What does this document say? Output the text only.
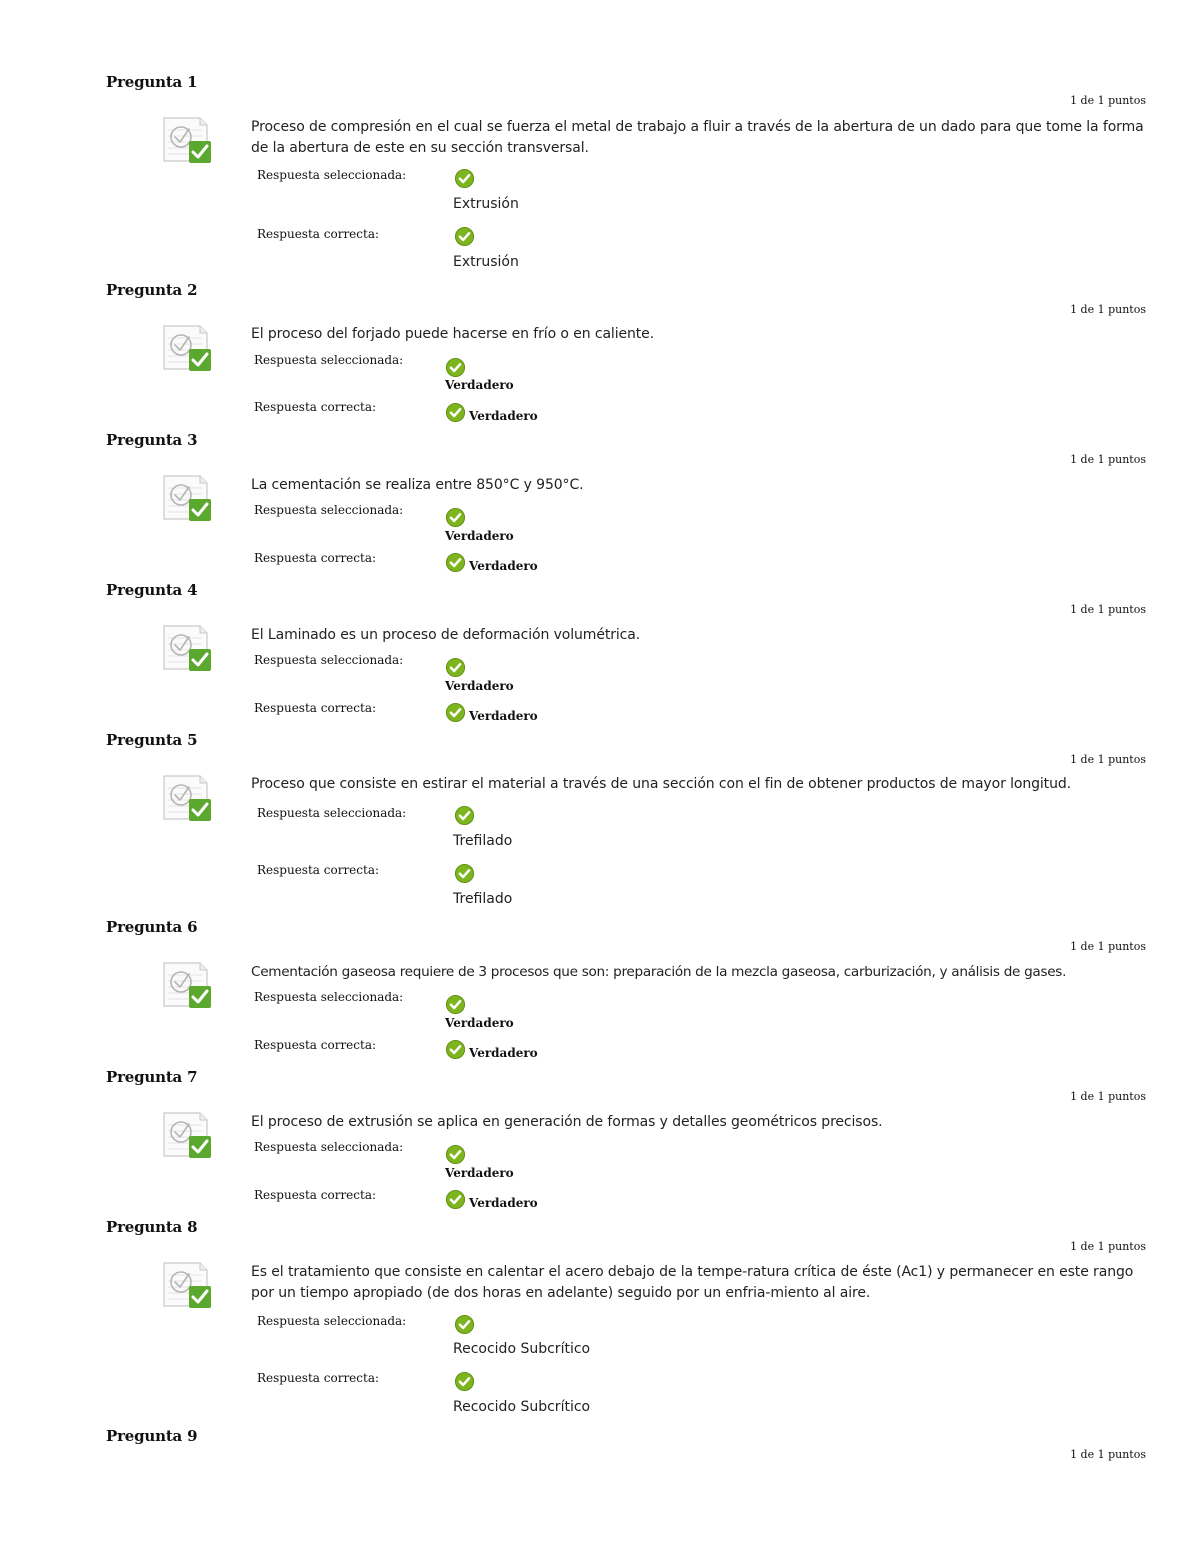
Pregunta 1
1 de 1 puntos

Proceso de compresión en el cual se fuerza el metal de trabajo a fluir a través de la abertura de un dado para que tome la forma de la abertura de este en su sección transversal.

Respuesta seleccionada:
Extrusión
Respuesta correcta:
Extrusión
Pregunta 2
1 de 1 puntos

El proceso del forjado puede hacerse en frío o en caliente.

Respuesta seleccionada:
Verdadero
Respuesta correcta:
Verdadero
Pregunta 3
1 de 1 puntos

La cementación se realiza entre 850°C y 950°C.

Respuesta seleccionada:
Verdadero
Respuesta correcta:
Verdadero
Pregunta 4
1 de 1 puntos

El Laminado es un proceso de deformación volumétrica.

Respuesta seleccionada:
Verdadero
Respuesta correcta:
Verdadero
Pregunta 5
1 de 1 puntos

Proceso que consiste en estirar el material a través de una sección con el fin de obtener productos de mayor longitud.

Respuesta seleccionada:
Trefilado
Respuesta correcta:
Trefilado
Pregunta 6
1 de 1 puntos

Cementación gaseosa requiere de 3 procesos que son: preparación de la mezcla gaseosa, carburización, y análisis de gases.

Respuesta seleccionada:
Verdadero
Respuesta correcta:
Verdadero
Pregunta 7
1 de 1 puntos

El proceso de extrusión se aplica en generación de formas y detalles geométricos precisos.

Respuesta seleccionada:
Verdadero
Respuesta correcta:
Verdadero
Pregunta 8
1 de 1 puntos

Es el tratamiento que consiste en calentar el acero debajo de la tempe-ratura crítica de éste (Ac1) y permanecer en este rango por un tiempo apropiado (de dos horas en adelante) seguido por un enfria-miento al aire.

Respuesta seleccionada:
Recocido Subcrítico
Respuesta correcta:
Recocido Subcrítico
Pregunta 9
1 de 1 puntos
